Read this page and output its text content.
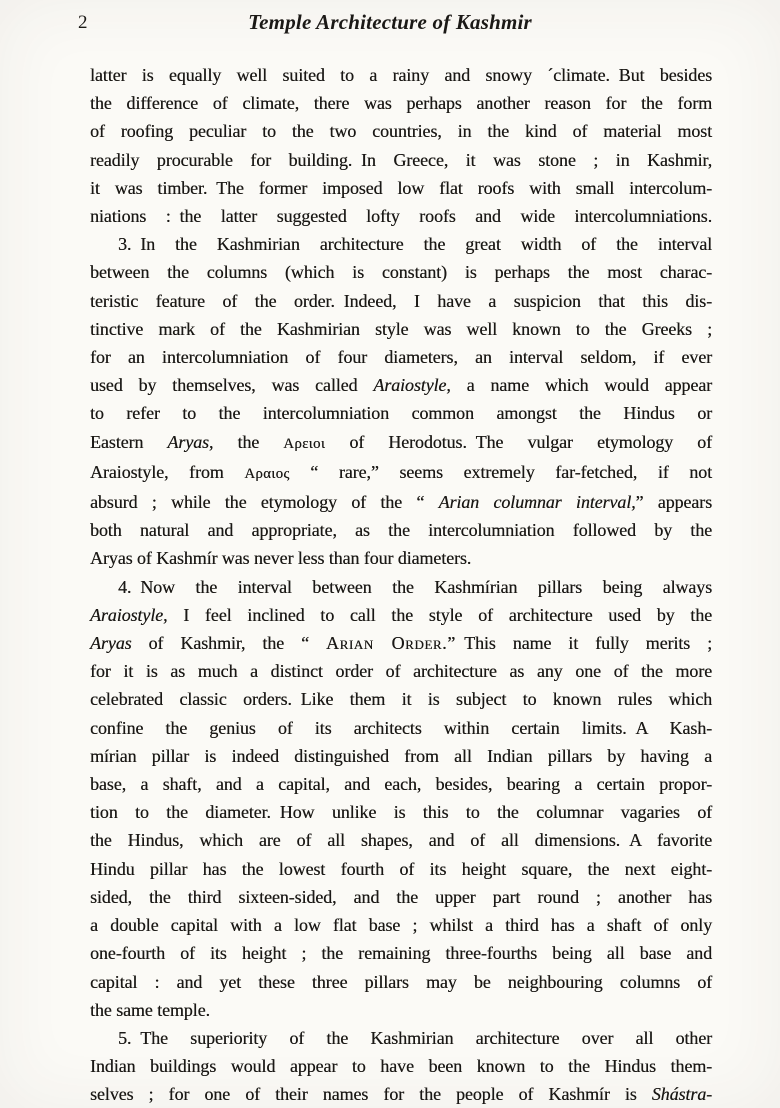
2	Temple Architecture of Kashmir
latter is equally well suited to a rainy and snowy ´climate. But besides
the difference of climate, there was perhaps another reason for the form
of roofing peculiar to the two countries, in the kind of material most
readily procurable for building. In Greece, it was stone ; in Kashmir,
it was timber. The former imposed low flat roofs with small intercolum-
niations : the latter suggested lofty roofs and wide intercolumniations.
3. In the Kashmirian architecture the great width of the interval
between the columns (which is constant) is perhaps the most charac-
teristic feature of the order. Indeed, I have a suspicion that this dis-
tinctive mark of the Kashmirian style was well known to the Greeks ;
for an intercolumniation of four diameters, an interval seldom, if ever
used by themselves, was called Araiostyle, a name which would appear
to refer to the intercolumniation common amongst the Hindus or
Eastern Aryas, the Αρειοι of Herodotus. The vulgar etymology of
Araiostyle, from Αραιος “ rare,” seems extremely far-fetched, if not
absurd ; while the etymology of the “ Arian columnar interval,” appears
both natural and appropriate, as the intercolumniation followed by the
Aryas of Kashmír was never less than four diameters.
4. Now the interval between the Kashmírian pillars being always
Araiostyle, I feel inclined to call the style of architecture used by the
Aryas of Kashmir, the “ Arian Order.” This name it fully merits ;
for it is as much a distinct order of architecture as any one of the more
celebrated classic orders. Like them it is subject to known rules which
confine the genius of its architects within certain limits. A Kash-
mírian pillar is indeed distinguished from all Indian pillars by having a
base, a shaft, and a capital, and each, besides, bearing a certain propor-
tion to the diameter. How unlike is this to the columnar vagaries of
the Hindus, which are of all shapes, and of all dimensions. A favorite
Hindu pillar has the lowest fourth of its height square, the next eight-
sided, the third sixteen-sided, and the upper part round ; another has
a double capital with a low flat base ; whilst a third has a shaft of only
one-fourth of its height ; the remaining three-fourths being all base and
capital : and yet these three pillars may be neighbouring columns of
the same temple.
5. The superiority of the Kashmirian architecture over all other
Indian buildings would appear to have been known to the Hindus them-
selves ; for one of their names for the people of Kashmír is Shástra-
